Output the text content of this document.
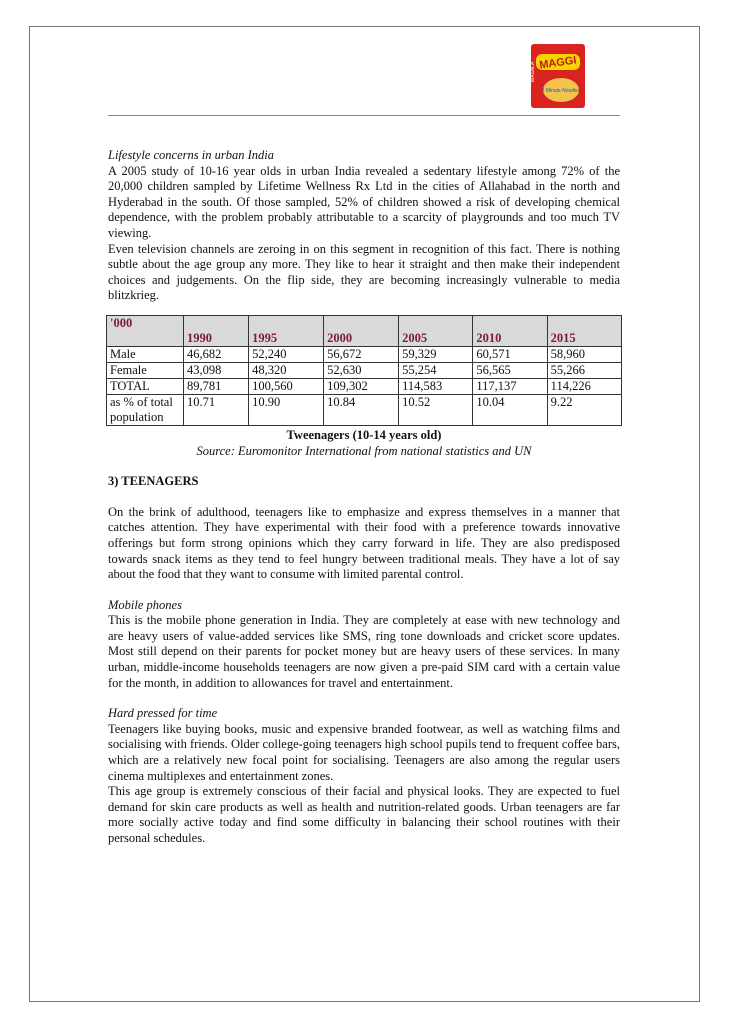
MAGGI
MASALA
2 Minute Noodles

Lifestyle concerns in urban India

A 2005 study of 10-16 year olds in urban India revealed a sedentary lifestyle among 72% of the 20,000 children sampled by Lifetime Wellness Rx Ltd in the cities of Allahabad in the north and Hyderabad in the south. Of those sampled, 52% of children showed a risk of developing chemical dependence, with the problem probably attributable to a scarcity of playgrounds and too much TV viewing.

Even television channels are zeroing in on this segment in recognition of this fact. There is nothing subtle about the age group any more. They like to hear it straight and then make their independent choices and judgements. On the flip side, they are becoming increasingly vulnerable to media blitzkrieg.

'000	1990	1995	2000	2005	2010	2015
Male	46,682	52,240	56,672	59,329	60,571	58,960
Female	43,098	48,320	52,630	55,254	56,565	55,266
TOTAL	89,781	100,560	109,302	114,583	117,137	114,226
as % of total population	10.71	10.90	10.84	10.52	10.04	9.22
Tweenagers (10-14 years old)
Source: Euromonitor International from national statistics and UN

3) TEENAGERS

On the brink of adulthood, teenagers like to emphasize and express themselves in a manner that catches attention. They have experimental with their food with a preference towards innovative offerings but form strong opinions which they carry forward in life. They are also predisposed towards snack items as they tend to feel hungry between traditional meals. They have a lot of say about the food that they want to consume with limited parental control.

Mobile phones

This is the mobile phone generation in India. They are completely at ease with new technology and are heavy users of value-added services like SMS, ring tone downloads and cricket score updates. Most still depend on their parents for pocket money but are heavy users of these services. In many urban, middle-income households teenagers are now given a pre-paid SIM card with a certain value for the month, in addition to allowances for travel and entertainment.

Hard pressed for time

Teenagers like buying books, music and expensive branded footwear, as well as watching films and socialising with friends. Older college-going teenagers high school pupils tend to frequent coffee bars, which are a relatively new focal point for socialising. Teenagers are also among the regular users cinema multiplexes and entertainment zones.

This age group is extremely conscious of their facial and physical looks. They are expected to fuel demand for skin care products as well as health and nutrition-related goods. Urban teenagers are far more socially active today and find some difficulty in balancing their school routines with their personal schedules.
